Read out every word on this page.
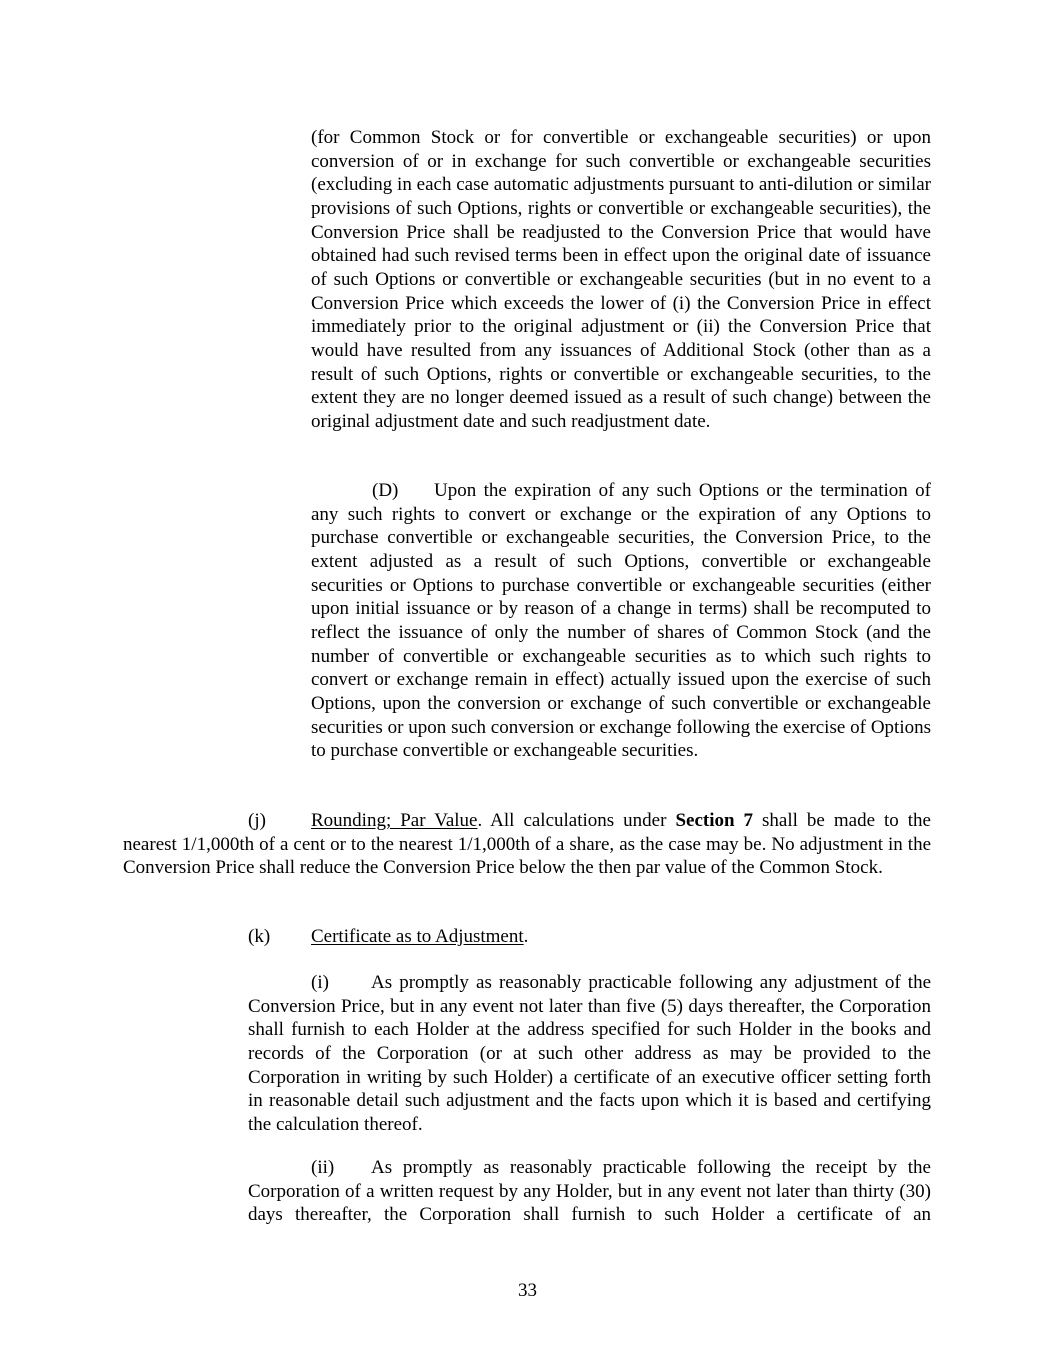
(for Common Stock or for convertible or exchangeable securities) or upon conversion of or in exchange for such convertible or exchangeable securities (excluding in each case automatic adjustments pursuant to anti-dilution or similar provisions of such Options, rights or convertible or exchangeable securities), the Conversion Price shall be readjusted to the Conversion Price that would have obtained had such revised terms been in effect upon the original date of issuance of such Options or convertible or exchangeable securities (but in no event to a Conversion Price which exceeds the lower of (i) the Conversion Price in effect immediately prior to the original adjustment or (ii) the Conversion Price that would have resulted from any issuances of Additional Stock (other than as a result of such Options, rights or convertible or exchangeable securities, to the extent they are no longer deemed issued as a result of such change) between the original adjustment date and such readjustment date.

(D) Upon the expiration of any such Options or the termination of any such rights to convert or exchange or the expiration of any Options to purchase convertible or exchangeable securities, the Conversion Price, to the extent adjusted as a result of such Options, convertible or exchangeable securities or Options to purchase convertible or exchangeable securities (either upon initial issuance or by reason of a change in terms) shall be recomputed to reflect the issuance of only the number of shares of Common Stock (and the number of convertible or exchangeable securities as to which such rights to convert or exchange remain in effect) actually issued upon the exercise of such Options, upon the conversion or exchange of such convertible or exchangeable securities or upon such conversion or exchange following the exercise of Options to purchase convertible or exchangeable securities.

(j) Rounding; Par Value. All calculations under Section 7 shall be made to the nearest 1/1,000th of a cent or to the nearest 1/1,000th of a share, as the case may be. No adjustment in the Conversion Price shall reduce the Conversion Price below the then par value of the Common Stock.

(k) Certificate as to Adjustment.

(i) As promptly as reasonably practicable following any adjustment of the Conversion Price, but in any event not later than five (5) days thereafter, the Corporation shall furnish to each Holder at the address specified for such Holder in the books and records of the Corporation (or at such other address as may be provided to the Corporation in writing by such Holder) a certificate of an executive officer setting forth in reasonable detail such adjustment and the facts upon which it is based and certifying the calculation thereof.

(ii) As promptly as reasonably practicable following the receipt by the Corporation of a written request by any Holder, but in any event not later than thirty (30) days thereafter, the Corporation shall furnish to such Holder a certificate of an

33
